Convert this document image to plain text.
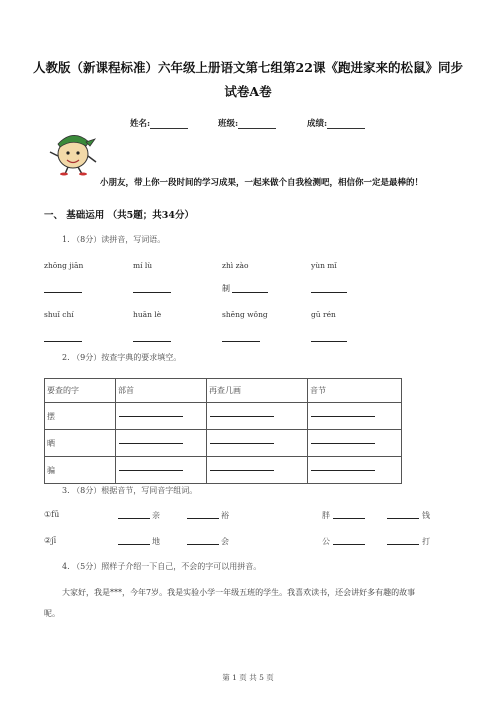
人教版（新课程标准）六年级上册语文第七组第22课《跑进家来的松鼠》同步
试卷A卷
姓名:	班级:	成绩:
小朋友，带上你一段时间的学习成果，一起来做个自我检测吧，相信你一定是最棒的！
一、 基础运用 （共5题；共34分）
1. （8分）读拼音，写词语。
zhōng jiān	mí lù	zhì zào	yùn mǐ
制
shuǐ chí	huān lè	shēng wǒng	gū rén
2. （9分）按查字典的要求填空。
要查的字	部首	再查几画	音节
摆	

晒	

骗	

3. （8分）根据音节，写同音字组词。
①fū	亲	裕	胖	钱
②jī	地	会	公	打
4. （5分）照样子介绍一下自己，不会的字可以用拼音。
大家好，我是***，今年7岁。我是实验小学一年级五班的学生。我喜欢读书，还会讲好多有趣的故事
呢。
第 1 页 共 5 页
